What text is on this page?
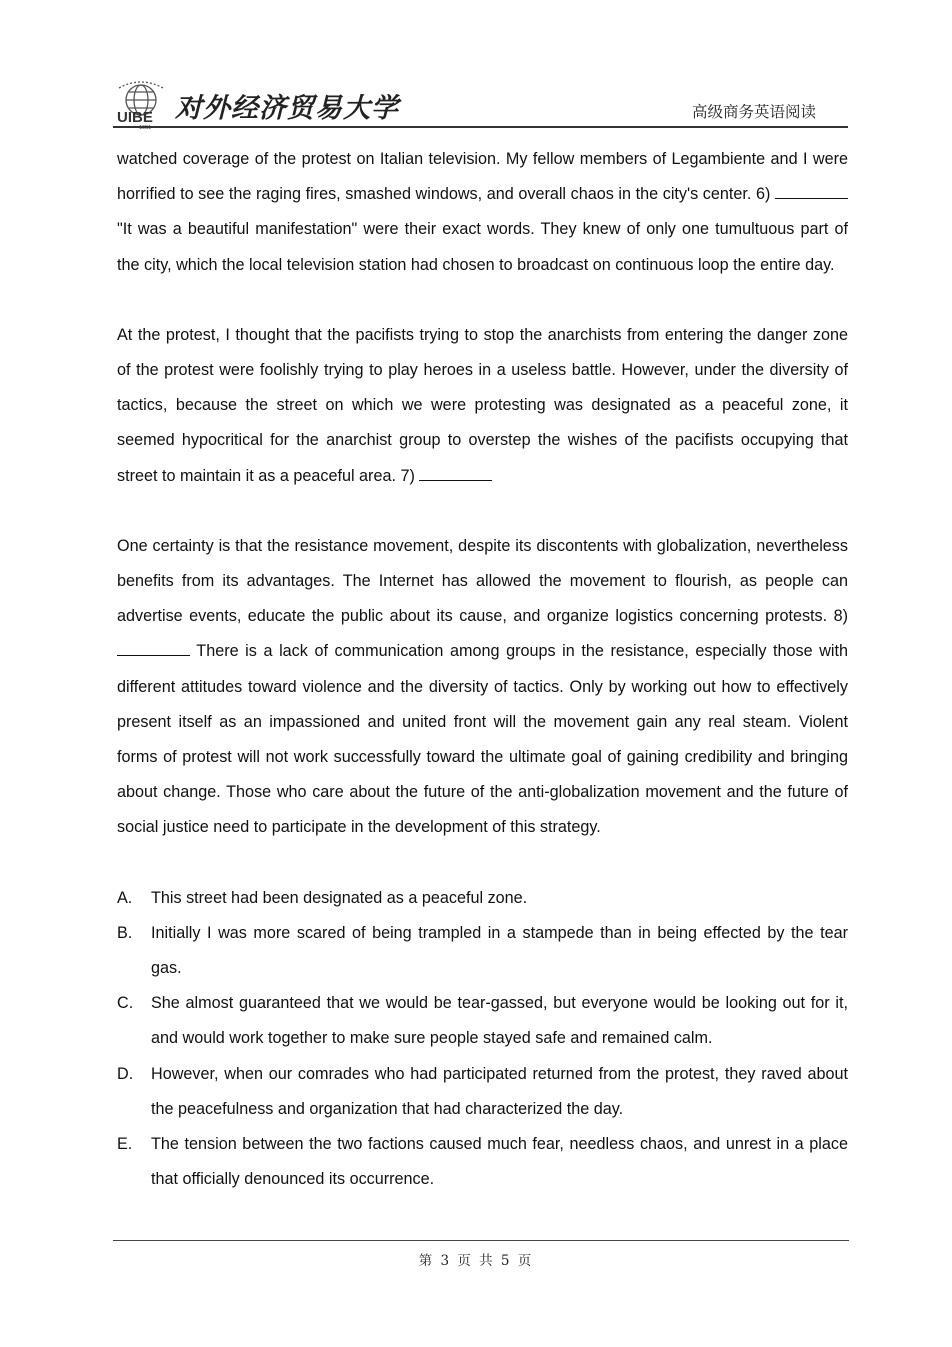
UIBE
1951
对外经济贸易大学	高级商务英语阅读

watched coverage of the protest on Italian television. My fellow members of Legambiente and I were horrified to see the raging fires, smashed windows, and overall chaos in the city's center. 6)  "It was a beautiful manifestation" were their exact words. They knew of only one tumultuous part of the city, which the local television station had chosen to broadcast on continuous loop the entire day.

At the protest, I thought that the pacifists trying to stop the anarchists from entering the danger zone of the protest were foolishly trying to play heroes in a useless battle. However, under the diversity of tactics, because the street on which we were protesting was designated as a peaceful zone, it seemed hypocritical for the anarchist group to overstep the wishes of the pacifists occupying that street to maintain it as a peaceful area. 7)

One certainty is that the resistance movement, despite its discontents with globalization, nevertheless benefits from its advantages. The Internet has allowed the movement to flourish, as people can advertise events, educate the public about its cause, and organize logistics concerning protests. 8)  There is a lack of communication among groups in the resistance, especially those with different attitudes toward violence and the diversity of tactics. Only by working out how to effectively present itself as an impassioned and united front will the movement gain any real steam. Violent forms of protest will not work successfully toward the ultimate goal of gaining credibility and bringing about change. Those who care about the future of the anti-globalization movement and the future of social justice need to participate in the development of this strategy.

A. This street had been designated as a peaceful zone.
B. Initially I was more scared of being trampled in a stampede than in being effected by the tear gas.
C. She almost guaranteed that we would be tear-gassed, but everyone would be looking out for it, and would work together to make sure people stayed safe and remained calm.
D. However, when our comrades who had participated returned from the protest, they raved about the peacefulness and organization that had characterized the day.
E. The tension between the two factions caused much fear, needless chaos, and unrest in a place that officially denounced its occurrence.
第 3 页 共 5 页
